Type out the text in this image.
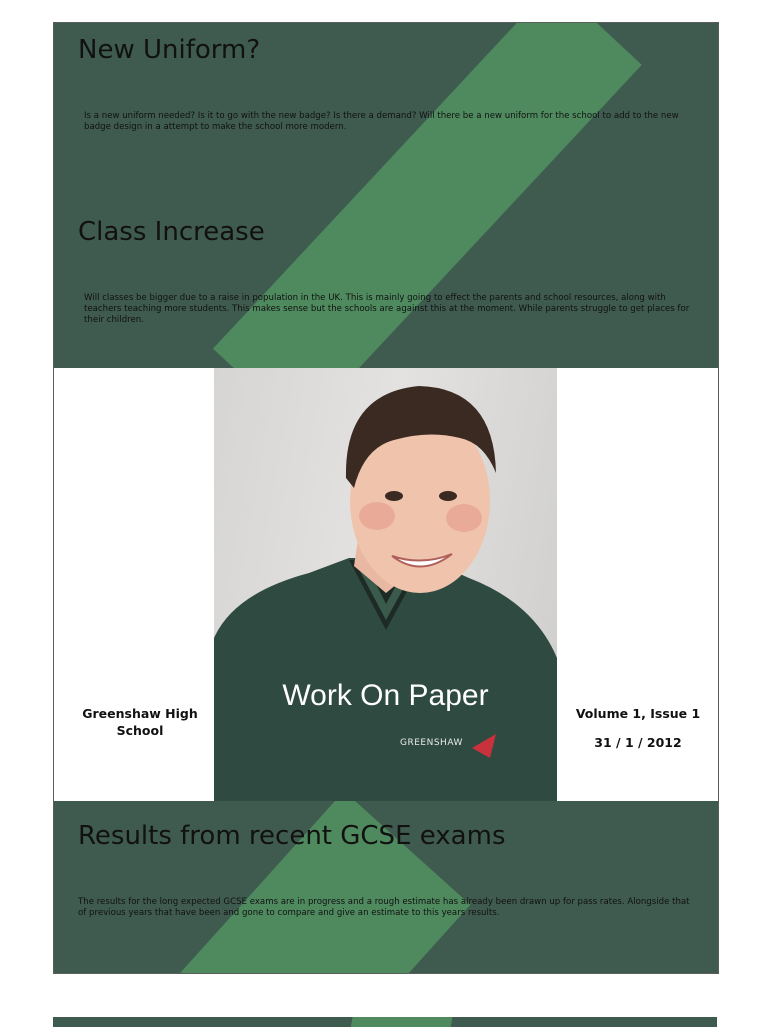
New Uniform?

Is a new uniform needed? Is it to go with the new badge? Is there a demand? Will there be a new uniform for the school to add to the new badge design in a attempt to make the school more modern.

Class Increase

Will classes be bigger due to a raise in population in the UK. This is mainly going to effect the parents and school resources, along with teachers teaching more students. This makes sense but the schools are against this at the moment. While parents struggle to get places for their children.

Greenshaw High School

GREENSHAW
Work On Paper

Volume 1, Issue 1

31 / 1 / 2012

Results from recent GCSE exams

The results for the long expected GCSE exams are in progress and a rough estimate has already been drawn up for pass rates. Alongside that of previous years that have been and gone to compare and give an estimate to this years results.
